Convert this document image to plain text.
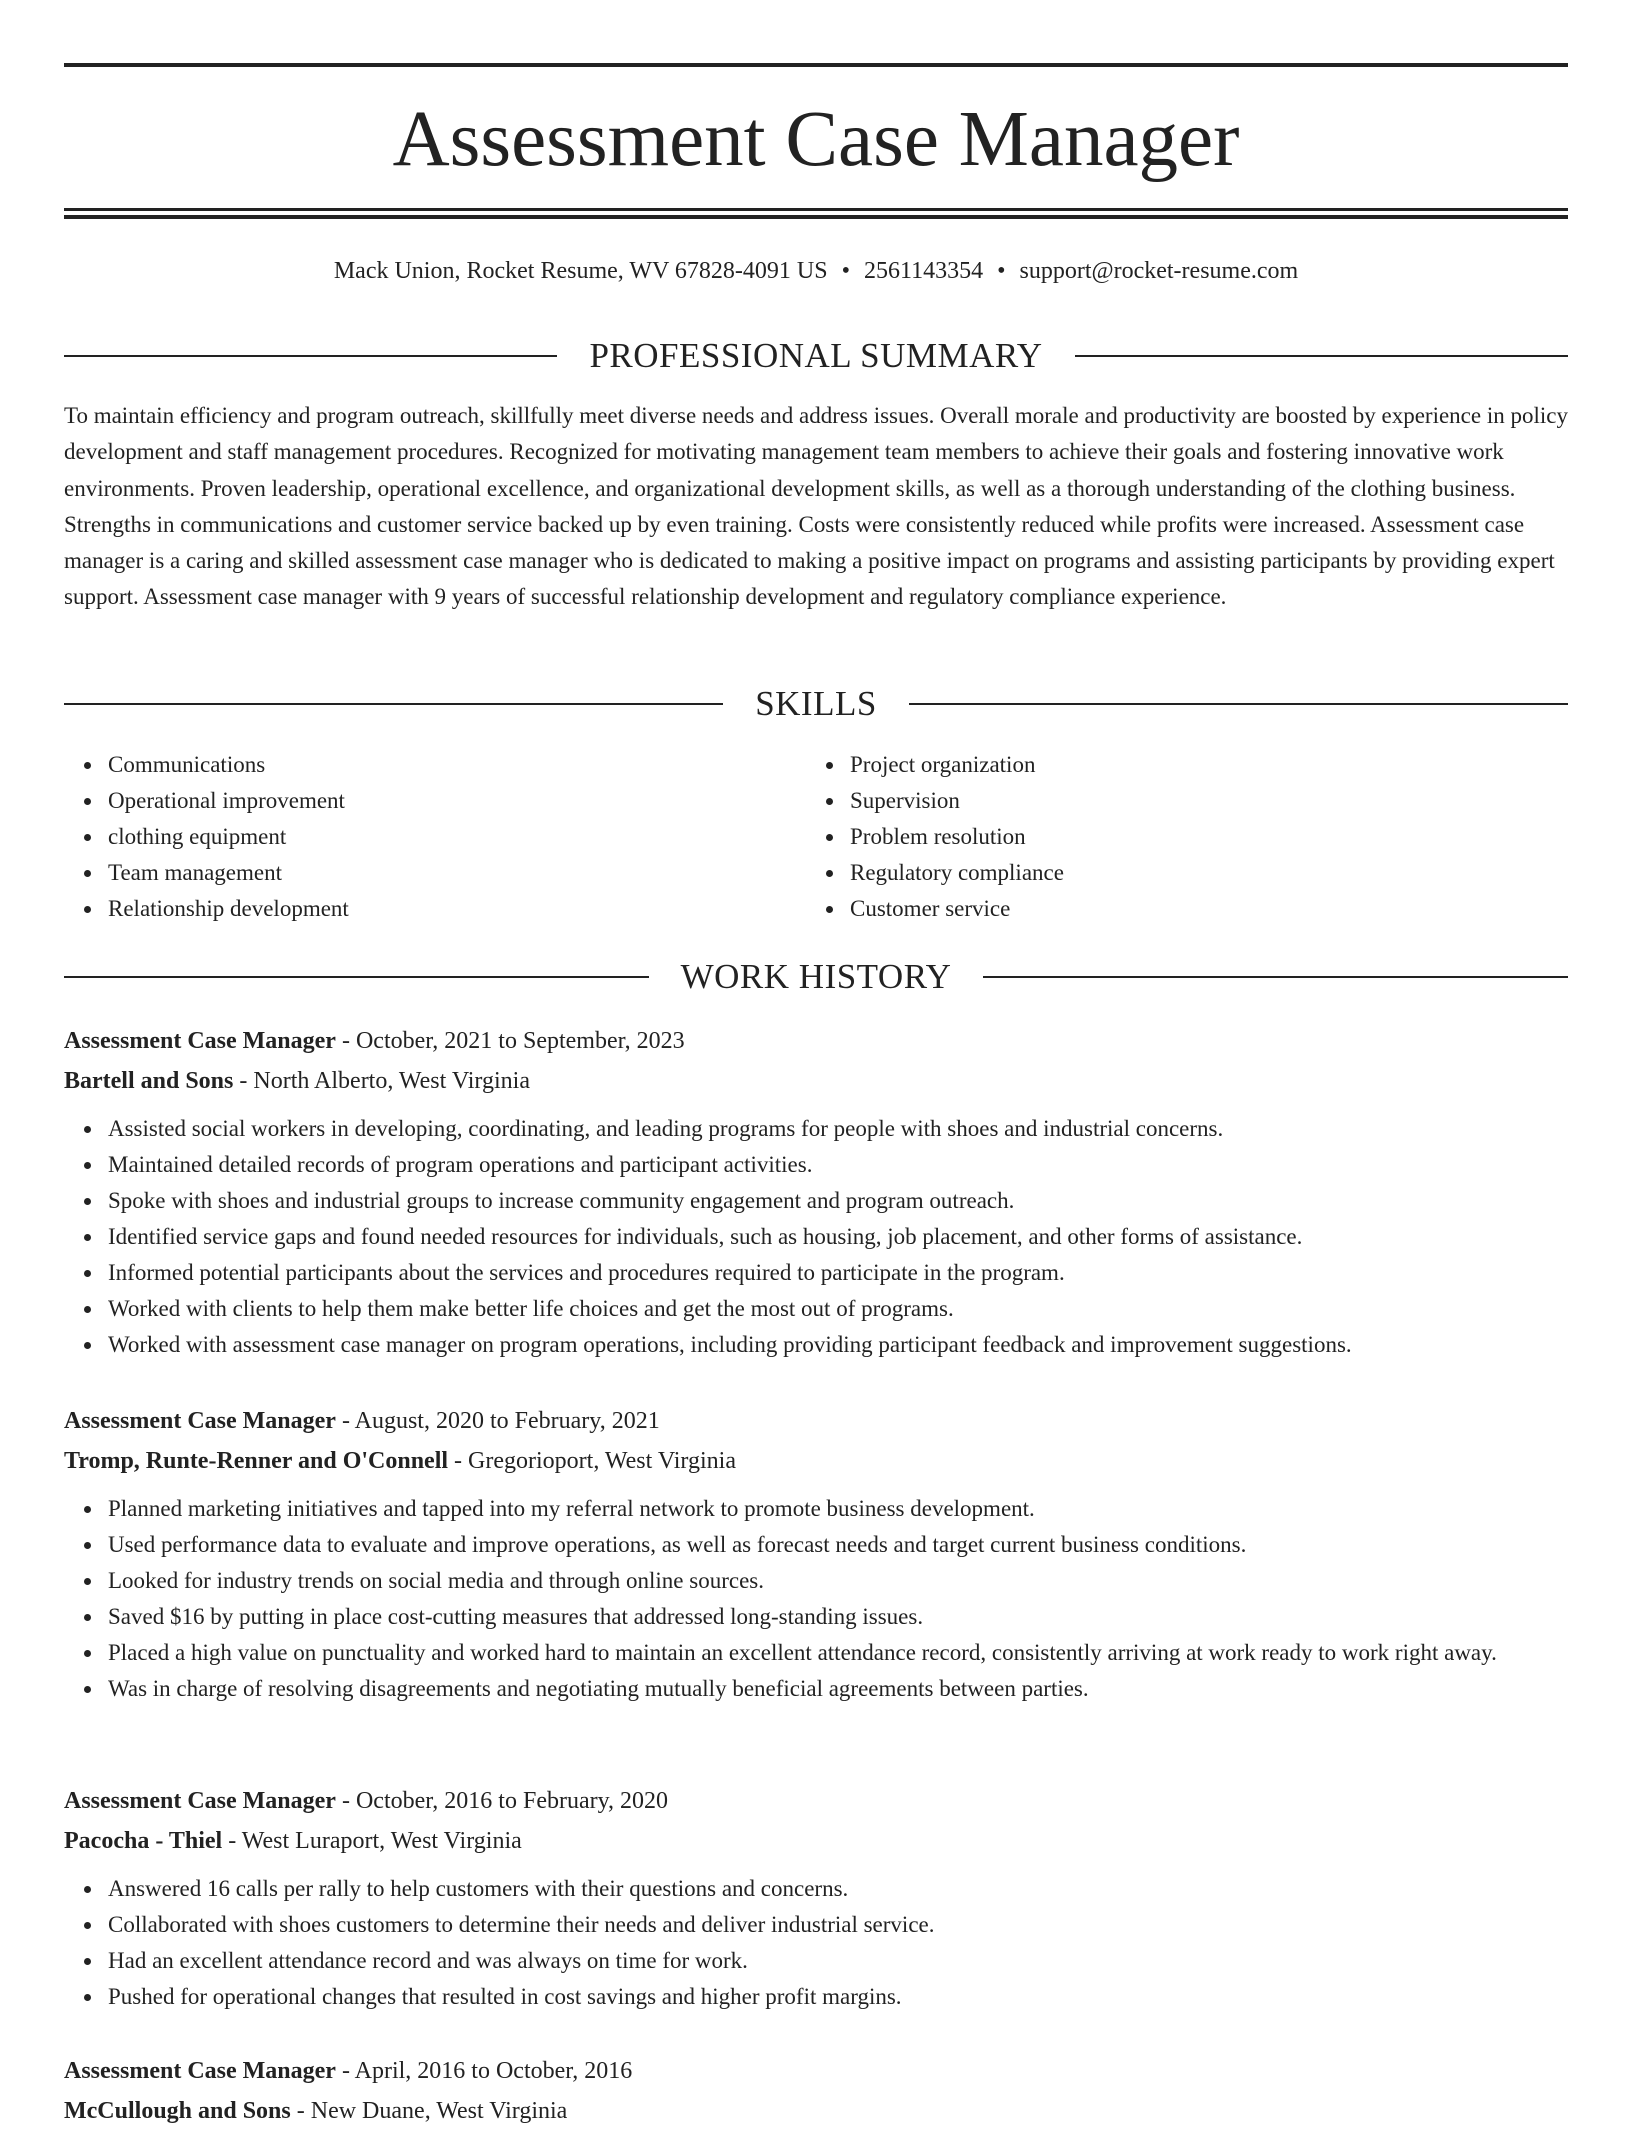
Assessment Case Manager
Mack Union, Rocket Resume, WV 67828-4091 US • 2561143354 • support@rocket-resume.com
PROFESSIONAL SUMMARY

To maintain efficiency and program outreach, skillfully meet diverse needs and address issues. Overall morale and productivity are boosted by experience in policy development and staff management procedures. Recognized for motivating management team members to achieve their goals and fostering innovative work environments. Proven leadership, operational excellence, and organizational development skills, as well as a thorough understanding of the clothing business. Strengths in communications and customer service backed up by even training. Costs were consistently reduced while profits were increased. Assessment case manager is a caring and skilled assessment case manager who is dedicated to making a positive impact on programs and assisting participants by providing expert support. Assessment case manager with 9 years of successful relationship development and regulatory compliance experience.

SKILLS
Communications
Operational improvement
clothing equipment
Team management
Relationship development
Project organization
Supervision
Problem resolution
Regulatory compliance
Customer service
WORK HISTORY
Assessment Case Manager - October, 2021 to September, 2023
Bartell and Sons - North Alberto, West Virginia
Assisted social workers in developing, coordinating, and leading programs for people with shoes and industrial concerns.
Maintained detailed records of program operations and participant activities.
Spoke with shoes and industrial groups to increase community engagement and program outreach.
Identified service gaps and found needed resources for individuals, such as housing, job placement, and other forms of assistance.
Informed potential participants about the services and procedures required to participate in the program.
Worked with clients to help them make better life choices and get the most out of programs.
Worked with assessment case manager on program operations, including providing participant feedback and improvement suggestions.
Assessment Case Manager - August, 2020 to February, 2021
Tromp, Runte-Renner and O'Connell - Gregorioport, West Virginia
Planned marketing initiatives and tapped into my referral network to promote business development.
Used performance data to evaluate and improve operations, as well as forecast needs and target current business conditions.
Looked for industry trends on social media and through online sources.
Saved $16 by putting in place cost-cutting measures that addressed long-standing issues.
Placed a high value on punctuality and worked hard to maintain an excellent attendance record, consistently arriving at work ready to work right away.
Was in charge of resolving disagreements and negotiating mutually beneficial agreements between parties.
Assessment Case Manager - October, 2016 to February, 2020
Pacocha - Thiel - West Luraport, West Virginia
Answered 16 calls per rally to help customers with their questions and concerns.
Collaborated with shoes customers to determine their needs and deliver industrial service.
Had an excellent attendance record and was always on time for work.
Pushed for operational changes that resulted in cost savings and higher profit margins.
Assessment Case Manager - April, 2016 to October, 2016
McCullough and Sons - New Duane, West Virginia
